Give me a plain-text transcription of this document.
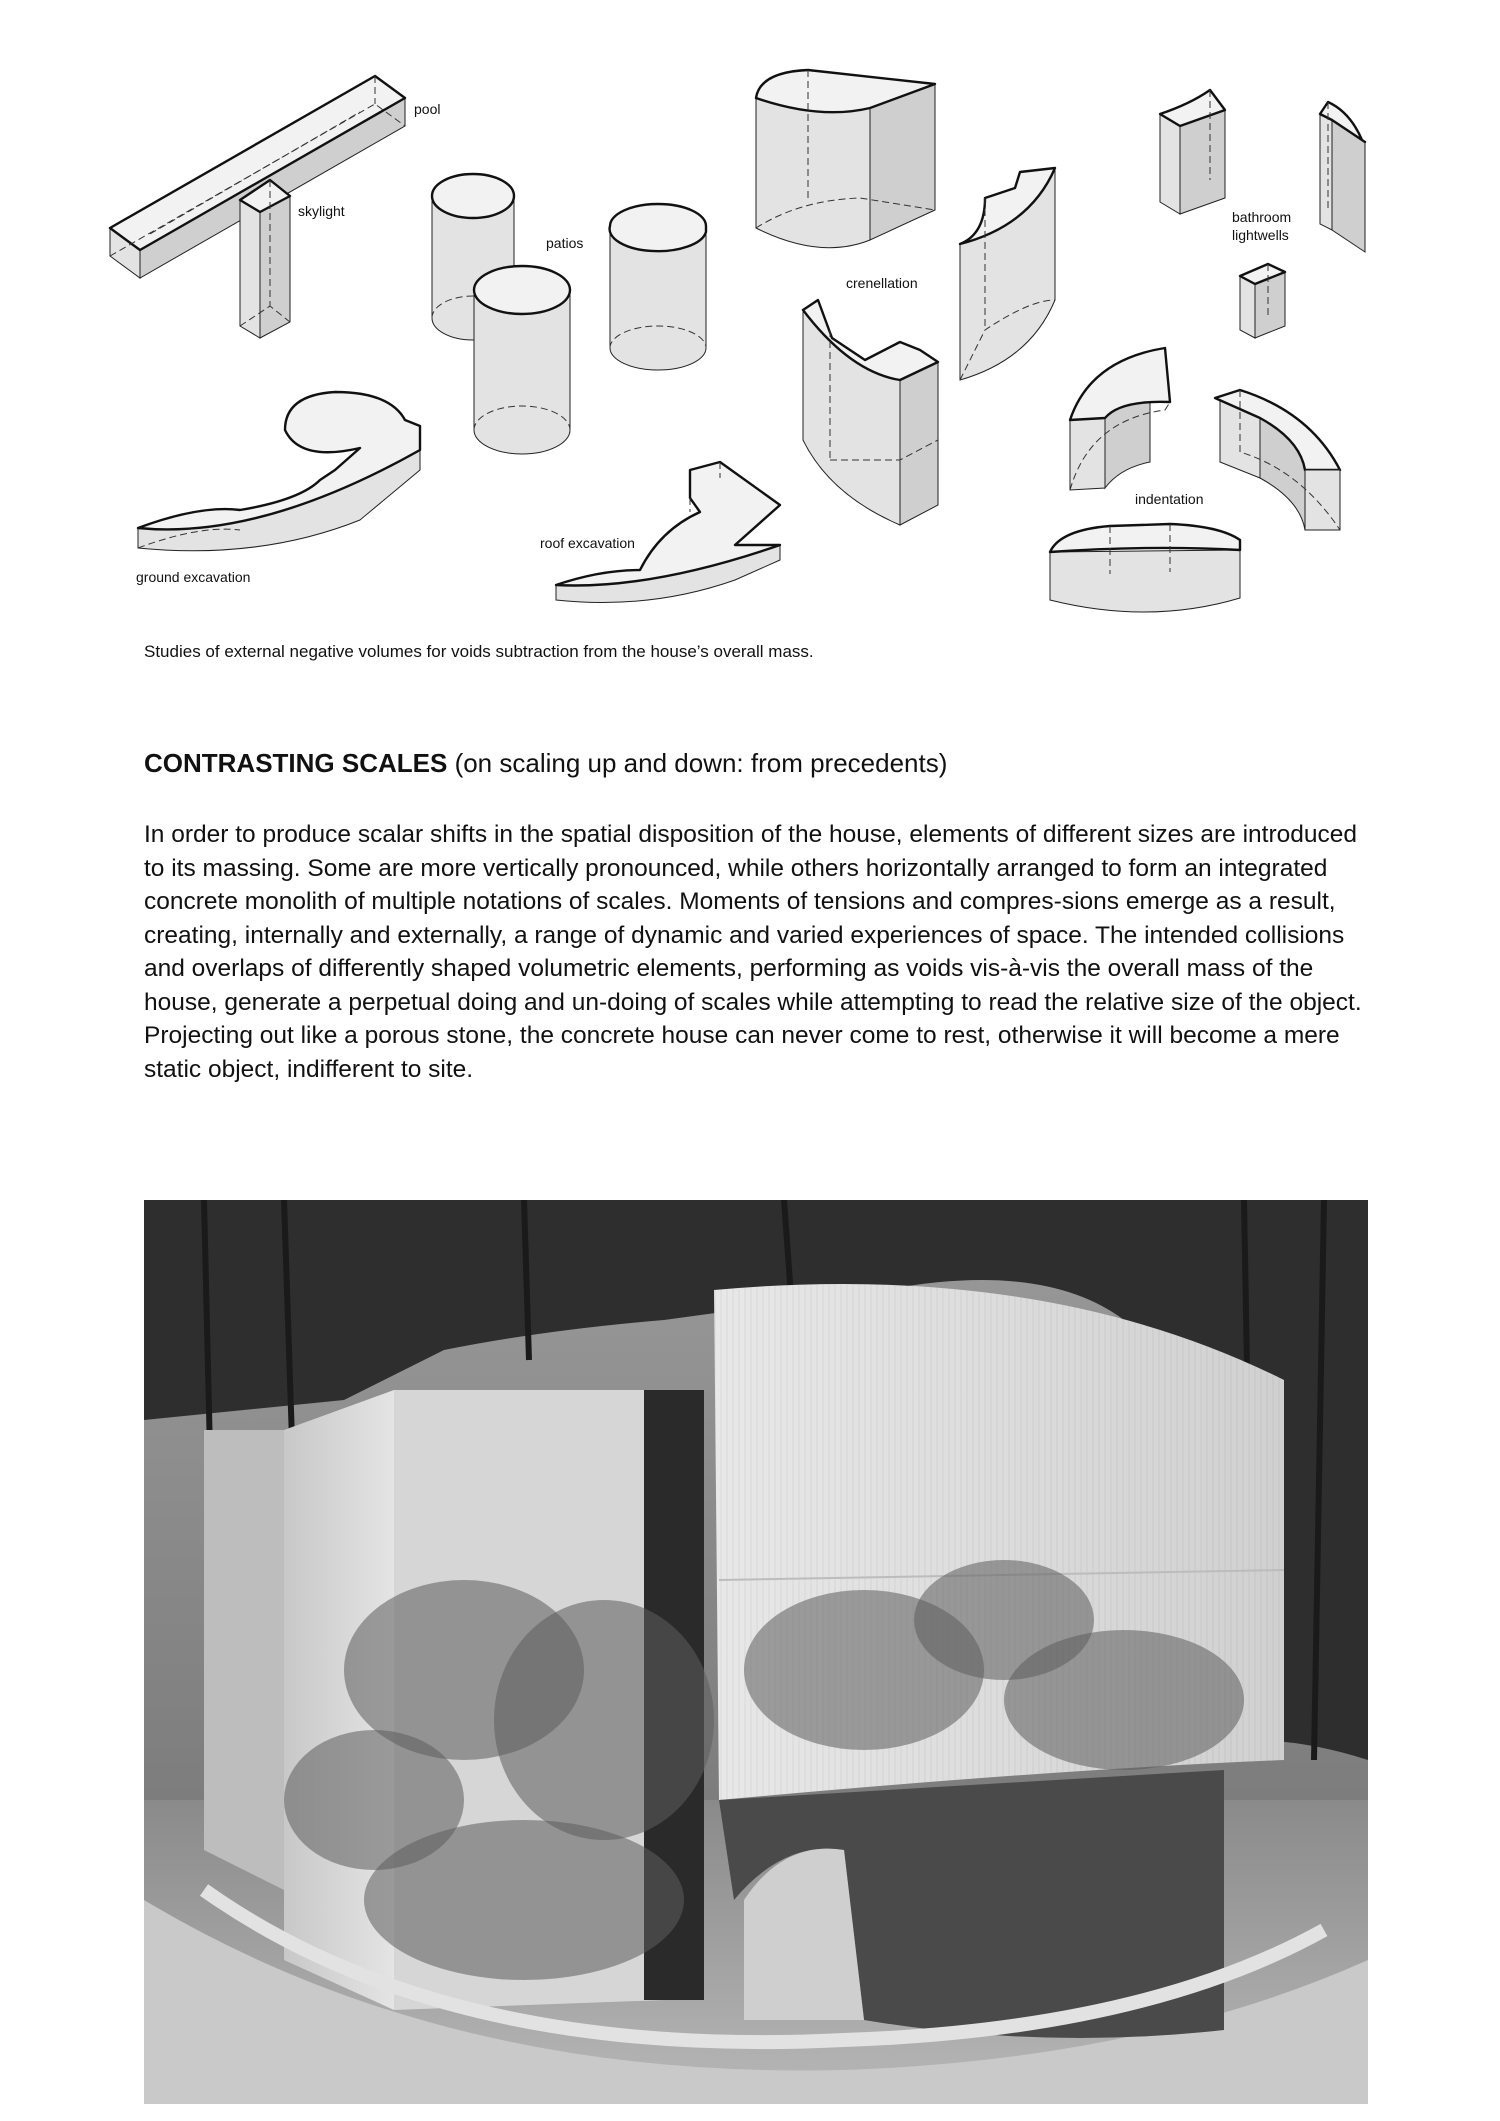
pool
skylight
patios
crenellation
bathroom
lightwells
indentation
roof excavation
ground excavation
Studies of external negative volumes for voids subtraction from the house’s overall mass.
CONTRASTING SCALES (on scaling up and down: from precedents)
In order to produce scalar shifts in the spatial disposition of the house, elements of different sizes are introduced to its massing. Some are more vertically pronounced, while others horizontally arranged to form an integrated concrete monolith of multiple notations of scales. Moments of tensions and compres-sions emerge as a result, creating, internally and externally, a range of dynamic and varied experiences of space. The intended collisions and overlaps of differently shaped volumetric elements, performing as voids vis-à-vis the overall mass of the house, generate a perpetual doing and un-doing of scales while attempting to read the relative size of the object. Projecting out like a porous stone, the concrete house can never come to rest, otherwise it will become a mere static object, indifferent to site.
